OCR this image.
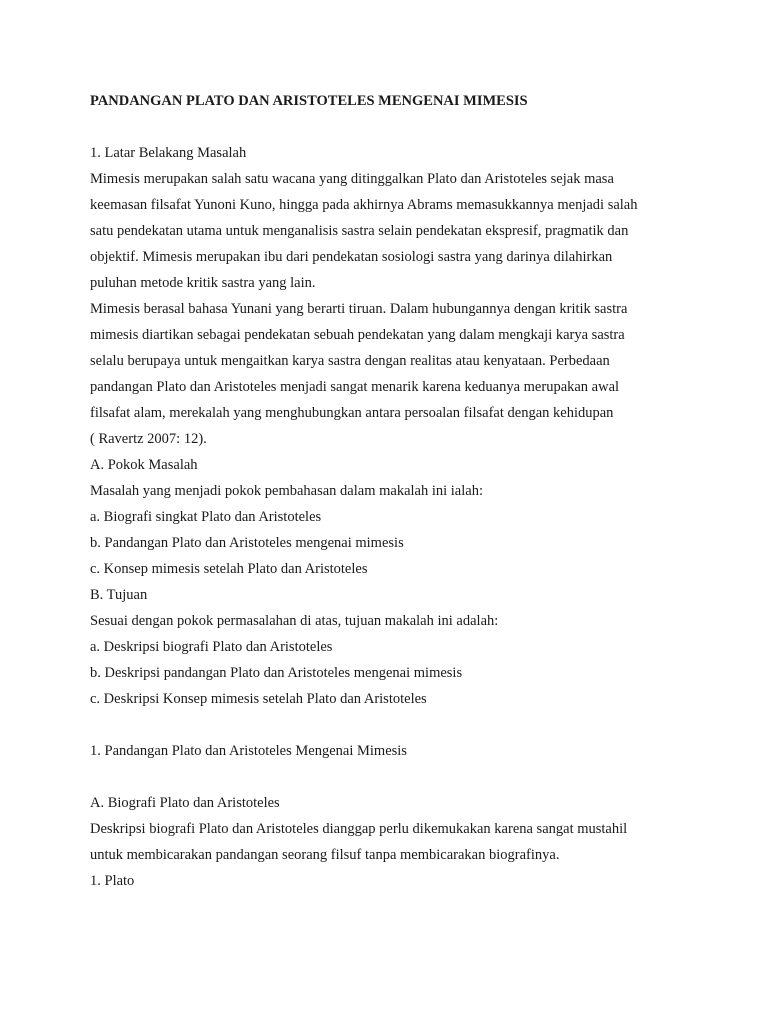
PANDANGAN PLATO DAN ARISTOTELES MENGENAI MIMESIS
1. Latar Belakang Masalah
Mimesis merupakan salah satu wacana yang ditinggalkan Plato dan Aristoteles sejak masa
keemasan filsafat Yunoni Kuno, hingga pada akhirnya Abrams memasukkannya menjadi salah
satu pendekatan utama untuk menganalisis sastra selain pendekatan ekspresif, pragmatik dan
objektif. Mimesis merupakan ibu dari pendekatan sosiologi sastra yang darinya dilahirkan
puluhan metode kritik sastra yang lain.
Mimesis berasal bahasa Yunani yang berarti tiruan. Dalam hubungannya dengan kritik sastra
mimesis diartikan sebagai pendekatan sebuah pendekatan yang dalam mengkaji karya sastra
selalu berupaya untuk mengaitkan karya sastra dengan realitas atau kenyataan. Perbedaan
pandangan Plato dan Aristoteles menjadi sangat menarik karena keduanya merupakan awal
filsafat alam, merekalah yang menghubungkan antara persoalan filsafat dengan kehidupan
( Ravertz 2007: 12).
A. Pokok Masalah
Masalah yang menjadi pokok pembahasan dalam makalah ini ialah:
a. Biografi singkat Plato dan Aristoteles
b. Pandangan Plato dan Aristoteles mengenai mimesis
c. Konsep mimesis setelah Plato dan Aristoteles
B. Tujuan
Sesuai dengan pokok permasalahan di atas, tujuan makalah ini adalah:
a. Deskripsi biografi Plato dan Aristoteles
b. Deskripsi pandangan Plato dan Aristoteles mengenai mimesis
c. Deskripsi Konsep mimesis setelah Plato dan Aristoteles
1. Pandangan Plato dan Aristoteles Mengenai Mimesis
A. Biografi Plato dan Aristoteles
Deskripsi biografi Plato dan Aristoteles dianggap perlu dikemukakan karena sangat mustahil
untuk membicarakan pandangan seorang filsuf tanpa membicarakan biografinya.
1. Plato
